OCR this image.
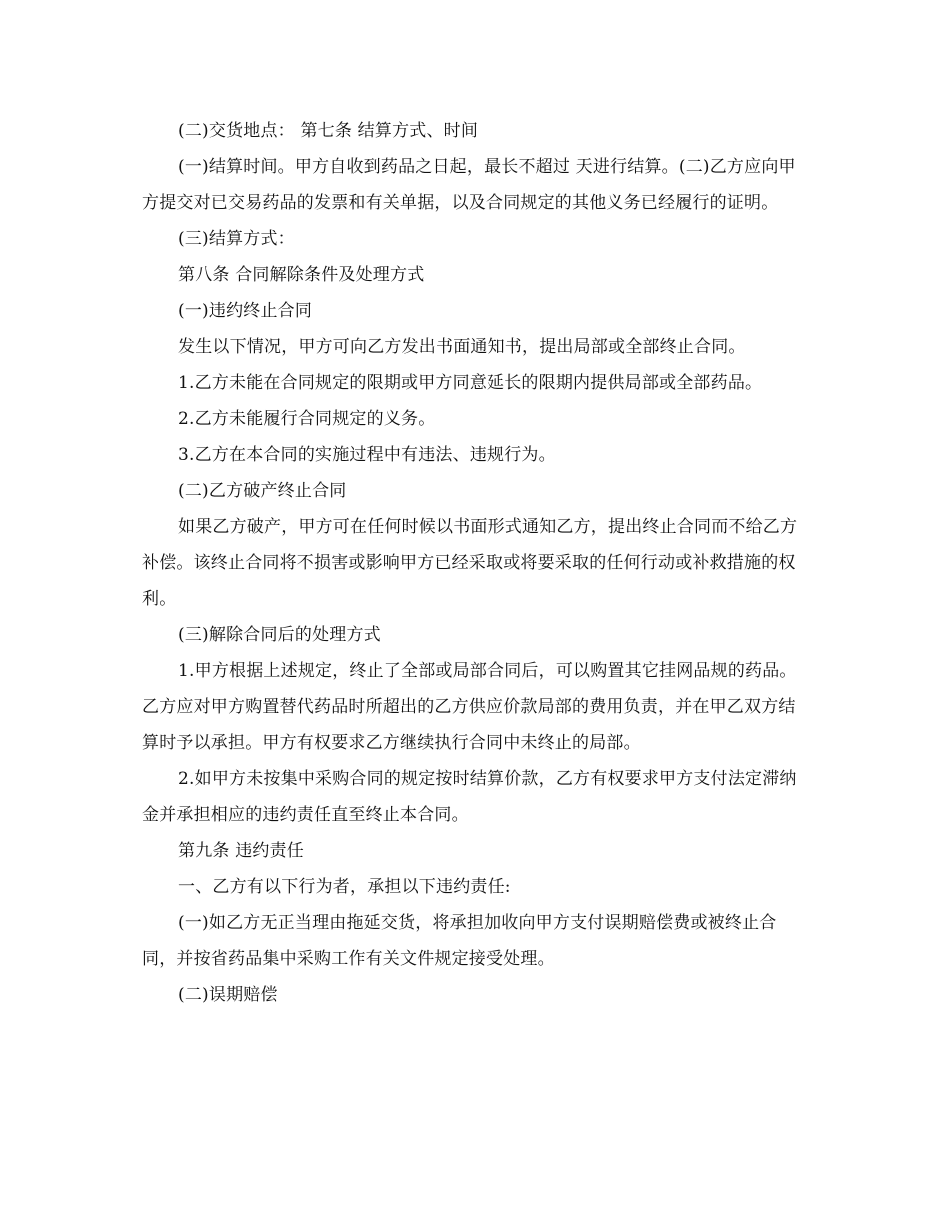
(二)交货地点： 第七条 结算方式、时间

(一)结算时间。甲方自收到药品之日起，最长不超过 天进行结算。(二)乙方应向甲方提交对已交易药品的发票和有关单据，以及合同规定的其他义务已经履行的证明。

(三)结算方式：

第八条 合同解除条件及处理方式

(一)违约终止合同

发生以下情况，甲方可向乙方发出书面通知书，提出局部或全部终止合同。

1.乙方未能在合同规定的限期或甲方同意延长的限期内提供局部或全部药品。

2.乙方未能履行合同规定的义务。

3.乙方在本合同的实施过程中有违法、违规行为。

(二)乙方破产终止合同

如果乙方破产，甲方可在任何时候以书面形式通知乙方，提出终止合同而不给乙方补偿。该终止合同将不损害或影响甲方已经采取或将要采取的任何行动或补救措施的权利。

(三)解除合同后的处理方式

1.甲方根据上述规定，终止了全部或局部合同后，可以购置其它挂网品规的药品。乙方应对甲方购置替代药品时所超出的乙方供应价款局部的费用负责，并在甲乙双方结算时予以承担。甲方有权要求乙方继续执行合同中未终止的局部。

2.如甲方未按集中采购合同的规定按时结算价款，乙方有权要求甲方支付法定滞纳金并承担相应的违约责任直至终止本合同。

第九条 违约责任

一、乙方有以下行为者，承担以下违约责任:

(一)如乙方无正当理由拖延交货，将承担加收向甲方支付误期赔偿费或被终止合同，并按省药品集中采购工作有关文件规定接受处理。

(二)误期赔偿
